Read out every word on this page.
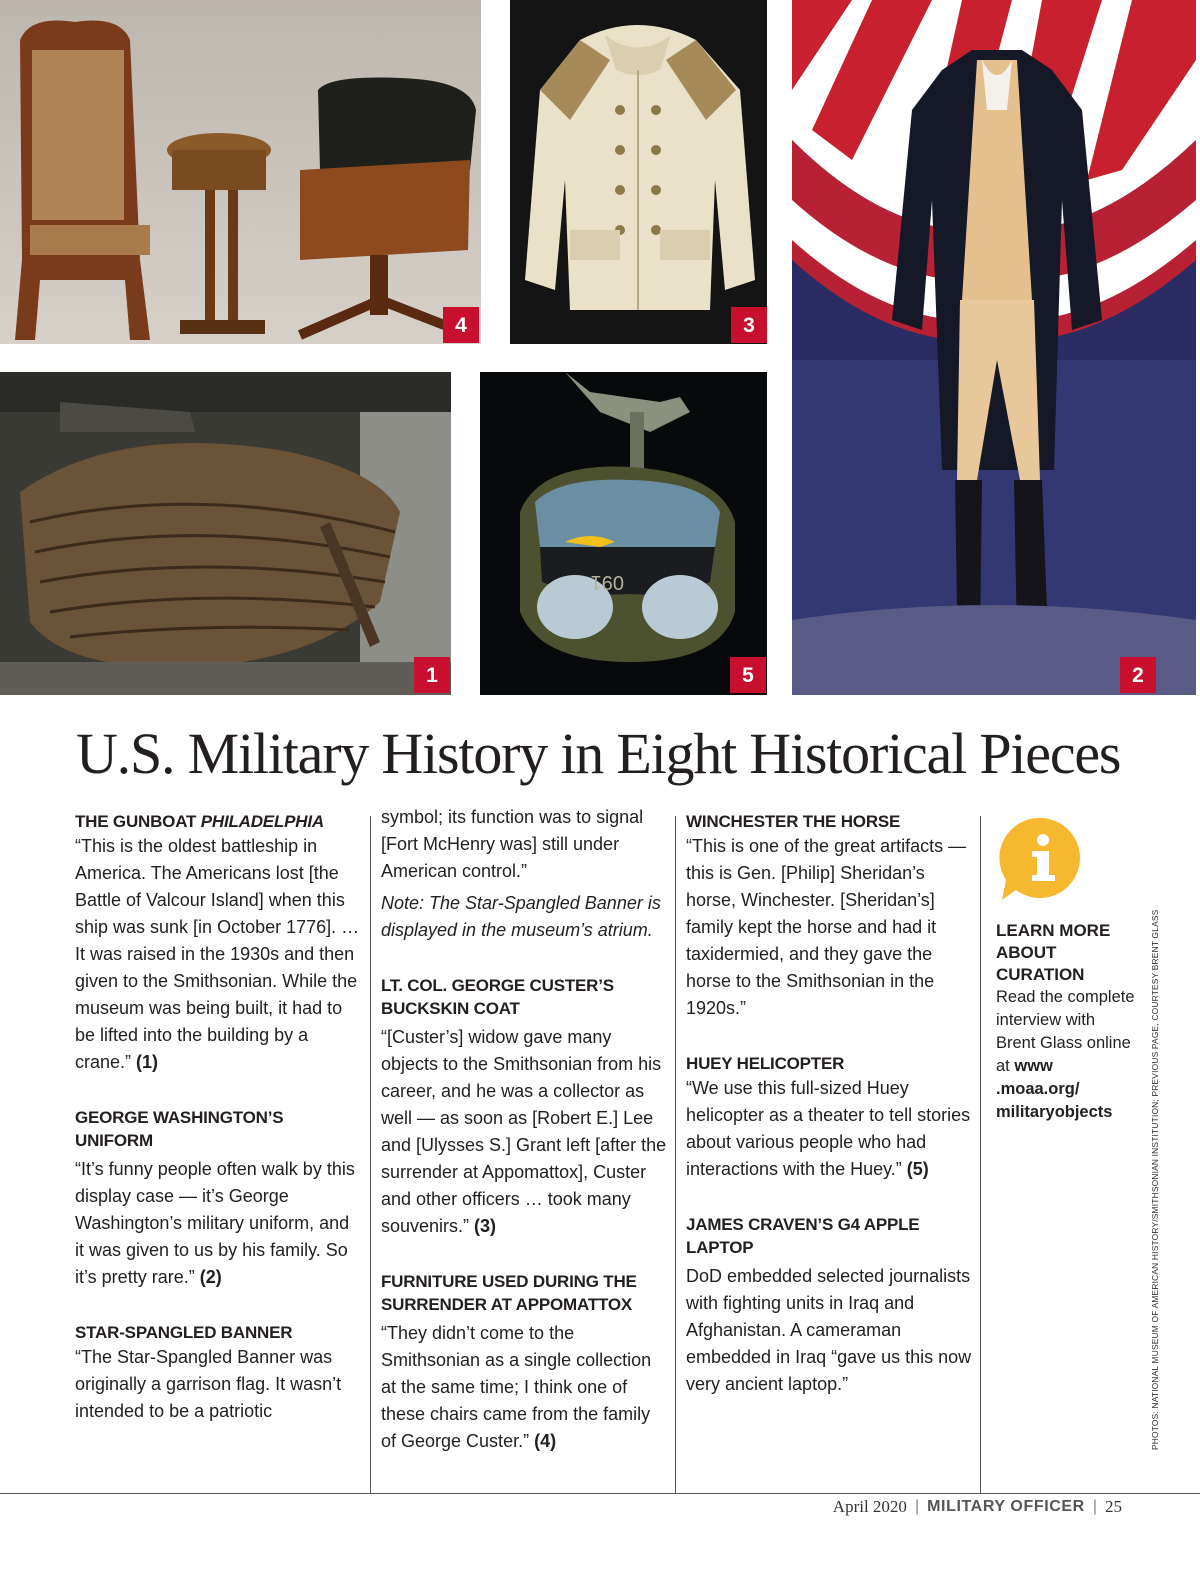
4	3
2
1
091
5
U.S. Military History in Eight Historical Pieces
THE GUNBOAT PHILADELPHIA

“This is the oldest battleship in America. The Americans lost [the Battle of Valcour Island] when this ship was sunk [in October 1776]. … It was raised in the 1930s and then given to the Smithsonian. While the museum was being built, it had to be lifted into the building by a crane.” (1)

GEORGE WASHINGTON’S UNIFORM

“It’s funny people often walk by this display case — it’s George Washington’s military uniform, and it was given to us by his family. So it’s pretty rare.” (2)

STAR-SPANGLED BANNER

“The Star-Spangled Banner was originally a garrison flag. It wasn’t intended to be a patriotic

symbol; its function was to signal [Fort McHenry was] still under American control.”

Note: The Star-Spangled Banner is displayed in the museum’s atrium.

LT. COL. GEORGE CUSTER’S BUCKSKIN COAT

“[Custer’s] widow gave many objects to the Smithsonian from his career, and he was a collector as well — as soon as [Robert E.] Lee and [Ulysses S.] Grant left [after the surrender at Appomattox], Custer and other officers … took many souvenirs.” (3)

FURNITURE USED DURING THE SURRENDER AT APPOMATTOX

“They didn’t come to the Smithsonian as a single collection at the same time; I think one of these chairs came from the family of George Custer.” (4)

WINCHESTER THE HORSE

“This is one of the great artifacts — this is Gen. [Philip] Sheridan’s horse, Winchester. [Sheridan’s] family kept the horse and had it taxidermied, and they gave the horse to the Smithsonian in the 1920s.”

HUEY HELICOPTER

“We use this full-sized Huey helicopter as a theater to tell stories about various people who had interactions with the Huey.” (5)

JAMES CRAVEN’S G4 APPLE LAPTOP

DoD embedded selected journalists with fighting units in Iraq and Afghanistan. A cameraman embedded in Iraq “gave us this now very ancient laptop.”

LEARN MORE ABOUT CURATION

Read the complete interview with Brent Glass online at www .moaa.org/ militaryobjects	PHOTOS: NATIONAL MUSEUM OF AMERICAN HISTORY/SMITHSONIAN INSTITUTION; PREVIOUS PAGE, COURTESY BRENT GLASS
April 2020 | MILITARY OFFICER | 25
